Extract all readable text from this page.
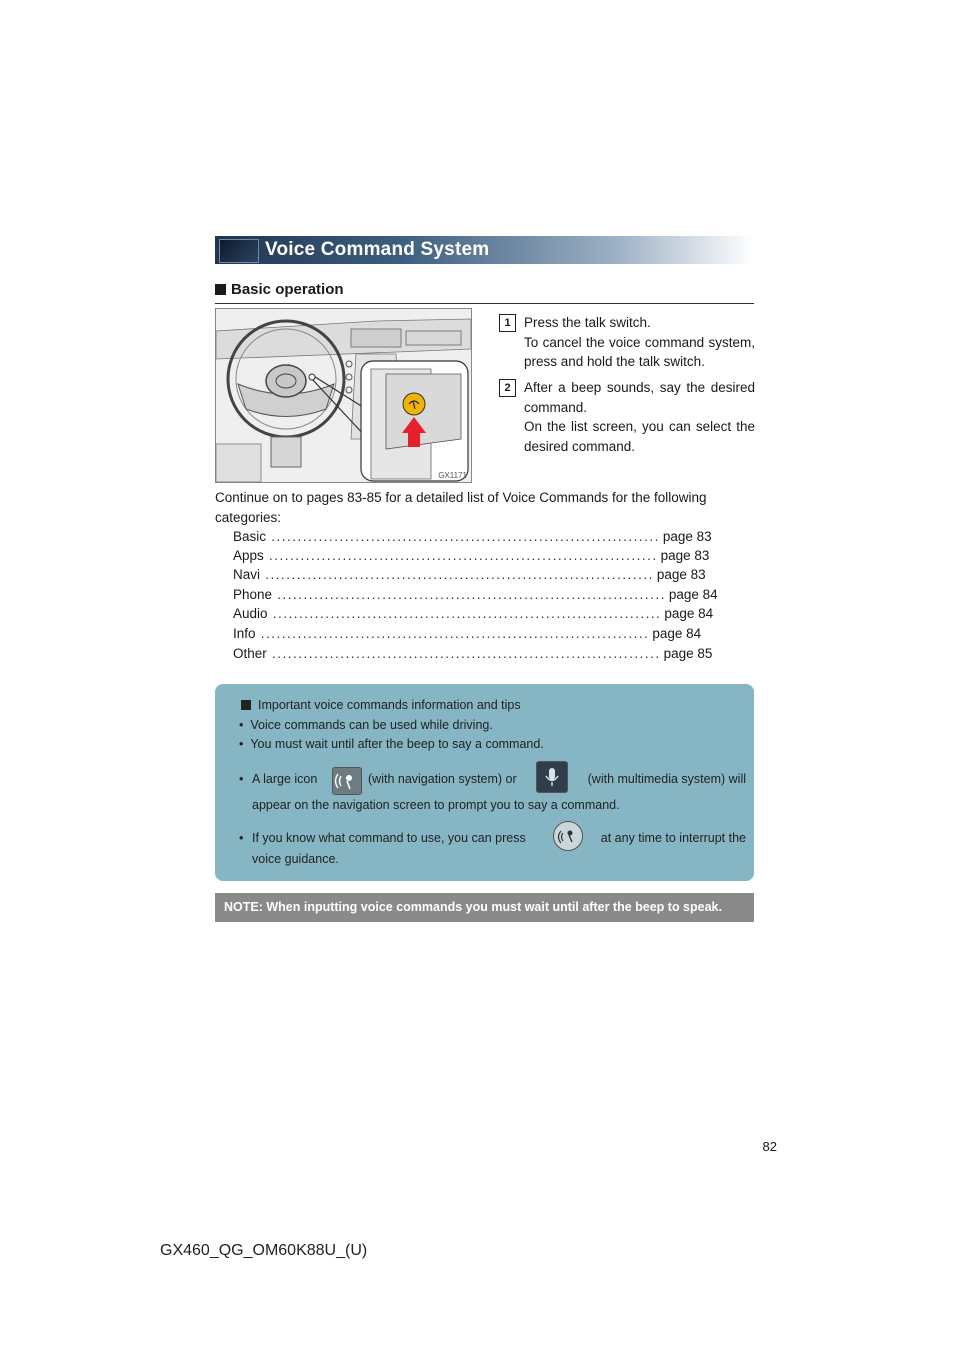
Voice Command System
Basic operation
GX1171
1 Press the talk switch.
To cancel the voice command system, press and hold the talk switch.
2 After a beep sounds, say the desired command.
On the list screen, you can select the desired command.
Continue on to pages 83-85 for a detailed list of Voice Commands for the following categories:
Basic .......................................................................... page 83
Apps .......................................................................... page 83
Navi .......................................................................... page 83
Phone .......................................................................... page 84
Audio .......................................................................... page 84
Info .......................................................................... page 84
Other .......................................................................... page 85
Important voice commands information and tips
• Voice commands can be used while driving.
• You must wait until after the beep to say a command.
• A large icon	(with navigation system) or	(with multimedia system) will
appear on the navigation screen to prompt you to say a command.
• If you know what command to use, you can press	at any time to interrupt the
voice guidance.
NOTE: When inputting voice commands you must wait until after the beep to speak.
82
GX460_QG_OM60K88U_(U)
